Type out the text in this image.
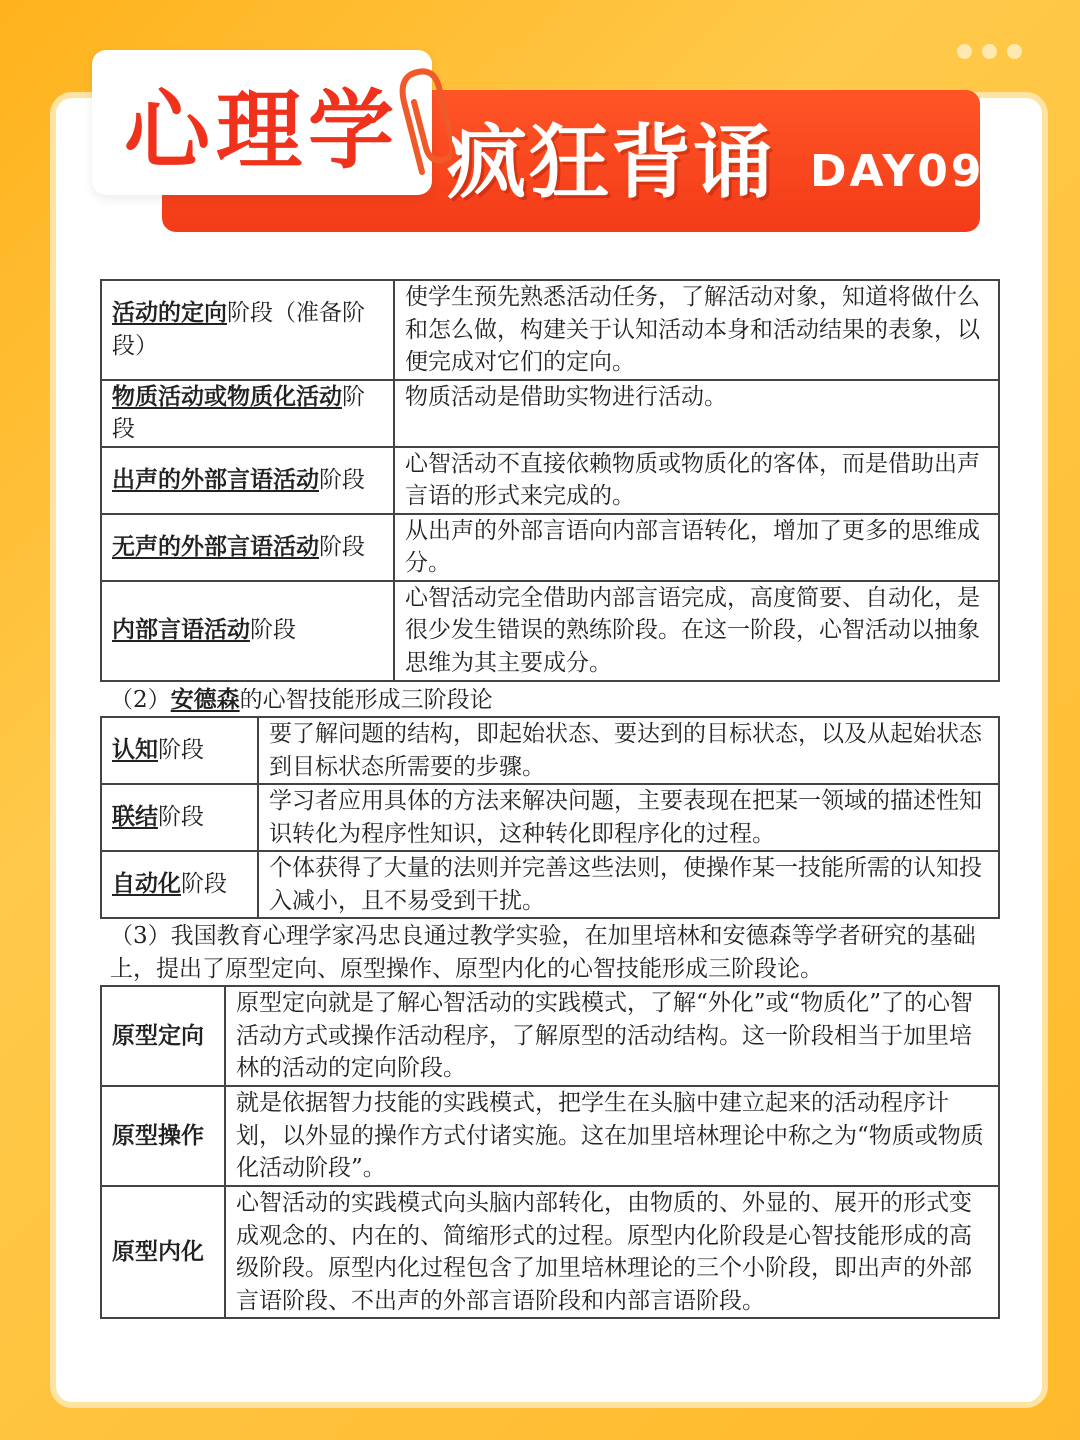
疯狂背诵 DAY09
心理学
活动的定向阶段（准备阶段）	使学生预先熟悉活动任务，了解活动对象，知道将做什么和怎么做，构建关于认知活动本身和活动结果的表象，以便完成对它们的定向。
物质活动或物质化活动阶段	物质活动是借助实物进行活动。
出声的外部言语活动阶段	心智活动不直接依赖物质或物质化的客体，而是借助出声言语的形式来完成的。
无声的外部言语活动阶段	从出声的外部言语向内部言语转化，增加了更多的思维成分。
内部言语活动阶段	心智活动完全借助内部言语完成，高度简要、自动化，是很少发生错误的熟练阶段。在这一阶段，心智活动以抽象思维为其主要成分。
（2）安德森的心智技能形成三阶段论
认知阶段	要了解问题的结构，即起始状态、要达到的目标状态，以及从起始状态到目标状态所需要的步骤。
联结阶段	学习者应用具体的方法来解决问题，主要表现在把某一领域的描述性知识转化为程序性知识，这种转化即程序化的过程。
自动化阶段	个体获得了大量的法则并完善这些法则，使操作某一技能所需的认知投入减小，且不易受到干扰。
（3）我国教育心理学家冯忠良通过教学实验，在加里培林和安德森等学者研究的基础上，提出了原型定向、原型操作、原型内化的心智技能形成三阶段论。
原型定向	原型定向就是了解心智活动的实践模式，了解“外化”或“物质化”了的心智活动方式或操作活动程序，了解原型的活动结构。这一阶段相当于加里培林的活动的定向阶段。
原型操作	就是依据智力技能的实践模式，把学生在头脑中建立起来的活动程序计划，以外显的操作方式付诸实施。这在加里培林理论中称之为“物质或物质化活动阶段”。
原型内化	心智活动的实践模式向头脑内部转化，由物质的、外显的、展开的形式变成观念的、内在的、简缩形式的过程。原型内化阶段是心智技能形成的高级阶段。原型内化过程包含了加里培林理论的三个小阶段，即出声的外部言语阶段、不出声的外部言语阶段和内部言语阶段。
